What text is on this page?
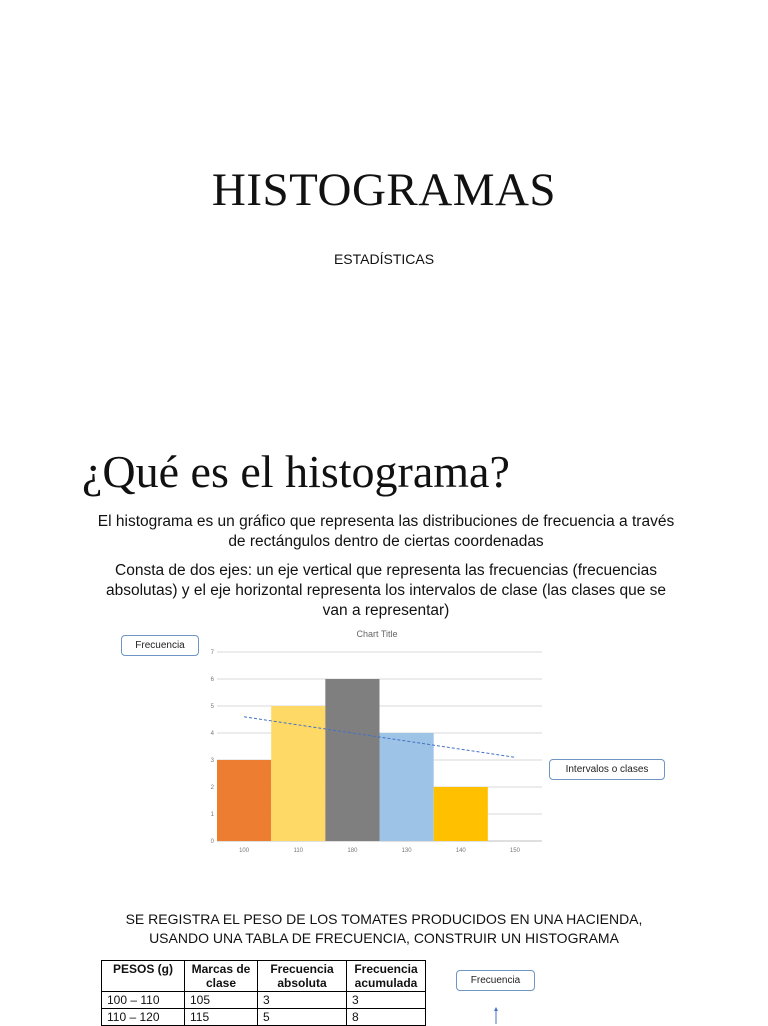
HISTOGRAMAS
ESTADÍSTICAS
¿Qué es el histograma?
El histograma es un gráfico que representa las distribuciones de frecuencia a través de rectángulos dentro de ciertas coordenadas
Consta de dos ejes: un eje vertical que representa las frecuencias (frecuencias absolutas) y el eje horizontal representa los intervalos de clase (las clases que se van a representar)
Frecuencia
Intervalos o clases
Chart Title
0
1
2
3
4
5
6
7
100	110	180	130	140	150
SE REGISTRA EL PESO DE LOS TOMATES PRODUCIDOS EN UNA HACIENDA,
USANDO UNA TABLA DE FRECUENCIA, CONSTRUIR UN HISTOGRAMA
PESOS (g)	Marcas de clase	Frecuencia absoluta	Frecuencia acumulada
100 – 110	105	3	3
110 – 120	115	5	8
Frecuencia
